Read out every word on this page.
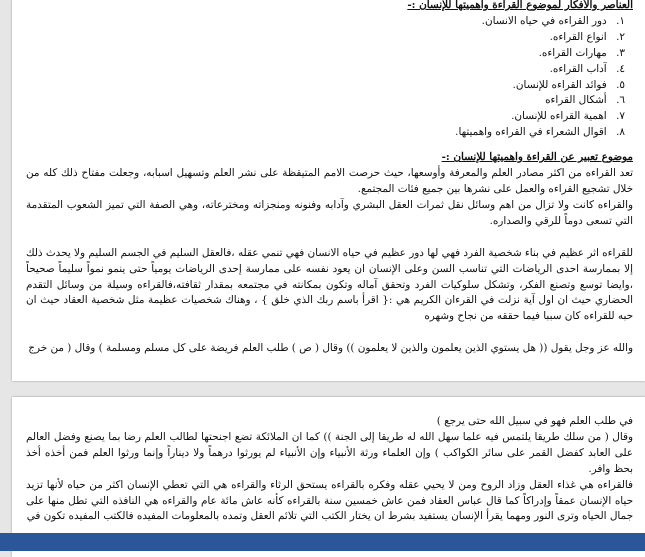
العناصر والأفكار لموضوع القراءة واهميتها للإنسان :-
١. دور القراءه في حياه الانسان.
٢. انواع القراءه.
٣. مهارات القراءه.
٤. آداب القراءه.
٥. فوائد القراءه للإنسان.
٦. أشكال القراءه
٧. اهمية القراءه للإنسان.
٨. اقوال الشعراء في القراءه واهميتها.
موضوع تعبير عن القراءة واهميتها للإنسان :-

تعد القراءه من اكثر مصادر العلم والمعرفة وأوسعها، حيث حرصت الامم المتيقظة على نشر العلم وتسهيل اسبابه، وجعلت مفتاح ذلك كله من خلال تشجيع القراءه والعمل على نشرها بين جميع فئات المجتمع.

والقراءه كانت ولا تزال من اهم وسائل نقل ثمرات العقل البشري وآدابه وفنونه ومنجزاته ومخترعاته، وهي الصفة التي تميز الشعوب المتقدمة التي تسعى دوماً للرقي والصداره.

للقراءه اثر عظيم في بناء شخصية الفرد فهي لها دور عظيم في حياه الانسان فهي تنمي عقله ،فالعقل السليم في الجسم السليم ولا يحدث ذلك إلا بممارسة احدى الرياضات التي تناسب السن وعلى الإنسان ان يعود نفسه على ممارسة إحدى الرياضات يومياً حتى ينمو نمواً سليماً صحيحاً ،وايضا توسع وتصنع الفكر، وتشكل سلوكيات الفرد وتحقق آماله وتكون بمكانته في مجتمعه بمقدار ثقافته،فالقراءه وسيلة من وسائل التقدم الحضاري حيث ان اول آية نزلت في القرءان الكريم هي :{ اقرأ باسم ربك الذي خلق } ، وهناك شخصيات عظيمة مثل شخصية العقاد حيث ان حبه للقراءه كان سببا فيما حققه من نجاح وشهره

والله عز وجل يقول (( هل يستوي الذين يعلمون والذين لا يعلمون )) وقال ( ص ) طلب العلم فريضة على كل مسلم ومسلمة ) وقال ( من خرج

في طلب العلم فهو في سبيل الله حتى يرجع )

وقال ( من سلك طريقا يلتمس فيه علما سهل الله له طريقا إلى الجنة )) كما ان الملائكة تضع اجنحتها لطالب العلم رضا بما يصنع وفضل العالم على العابد كفضل القمر على سائر الكواكب ) وإن العلماء ورثة الأنبياء وإن الأنبياء لم يورثوا درهماً ولا ديناراً وإنما ورثوا العلم فمن أخذه أخذ بحظ وافر.

فالقراءه هي غذاء العقل وزاد الروح ومن لا يحيي عقله وفكره بالقراءه يستحق الرثاء والقراءه هي التي تعطي الإنسان اكثر من حياه لأنها تزيد حياه الإنسان عمقاً وإدراكاً كما قال عباس العقاد فمن عاش خمسين سنة بالقراءه كأنه عاش مائة عام والقراءه هي النافذه التي تطل منها على جمال الحياه وترى النور ومهما يقرأ الإنسان يستفيد بشرط ان يختار الكتب التي تلائم العقل وتمده بالمعلومات المفيده فالكتب المفيده تكون في
